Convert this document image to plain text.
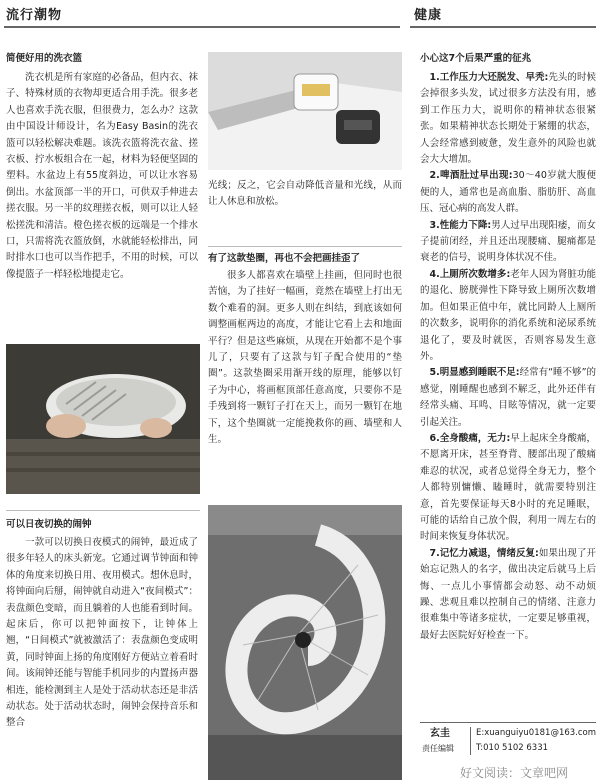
流行潮物	健康
简便好用的洗衣篮

洗衣机是所有家庭的必备品，但内衣、袜子、特殊材质的衣物却更适合用手洗。很多老人也喜欢手洗衣服，但很费力，怎么办？这款由中国设计师设计，名为Easy Basin的洗衣篮可以轻松解决难题。该洗衣篮将洗衣盆、搓衣板、拧水板组合在一起，材料为轻便坚固的塑料。水盆边上有55度斜边，可以让水容易倒出。水盆顶部一半的开口，可供双手伸进去搓衣服。另一半的纹理搓衣板，则可以让人轻松搓洗和清洁。橙色搓衣板的远端是一个排水口，只需将洗衣篮放倒，水就能轻松排出，同时排水口也可以当作把手，不用的时候，可以像提篮子一样轻松地提走它。

可以日夜切换的闹钟

一款可以切换日夜模式的闹钟，最近成了很多年轻人的床头新宠。它通过调节钟面和钟体的角度来切换日用、夜用模式。想休息时，将钟面向后掰，闹钟就自动进入“夜间模式”：表盘颜色变暗，而且躺着的人也能看到时间。起床后，你可以把钟面按下，让钟体上翘，“日间模式”就被激活了：表盘颜色变成明黄，同时钟面上扬的角度刚好方便站立着看时间。该闹钟还能与智能手机同步的内置扬声器相连，能检测到主人是处于活动状态还是非活动状态。处于活动状态时，闹钟会保持音乐和整合

光线；反之，它会自动降低音量和光线，从而让人休息和放松。

有了这款垫圈，再也不会把画挂歪了

很多人都喜欢在墙壁上挂画，但同时也很苦恼，为了挂好一幅画，竟然在墙壁上打出无数个难看的洞。更多人则在纠结，到底该如何调整画框两边的高度，才能让它看上去和地面平行？但是这些麻烦，从现在开始都不是个事儿了，只要有了这款与钉子配合使用的“垫圈”。这款垫圈采用渐开线的原理，能够以钉子为中心，将画框顶部任意高度，只要你不是手残到将一颗钉子打在天上，而另一颗钉在地下，这个垫圈就一定能挽救你的画、墙壁和人生。

小心这7个后果严重的征兆

1.工作压力大还脱发、早秃:先头的时候会掉很多头发，试过很多方法没有用，感到工作压力大，说明你的精神状态很紧张。如果精神状态长期处于紧绷的状态，人会经常感到疲惫，发生意外的风险也就会大大增加。

2.啤酒肚过早出现:30～40岁就大腹便便的人，通常也是高血脂、脂肪肝、高血压、冠心病的高发人群。

3.性能力下降:男人过早出现阳痿，而女子提前闭经，并且还出现腰痛、腿痛都是衰老的信号，说明身体状况不佳。

4.上厕所次数增多:老年人因为肾脏功能的退化、膀胱弹性下降导致上厕所次数增加。但如果正值中年，就比同龄人上厕所的次数多，说明你的消化系统和泌尿系统退化了，要及时就医，否则容易发生意外。

5.明显感到睡眠不足:经常有“睡不够”的感觉，刚睡醒也感到不解乏，此外还伴有经常头痛、耳鸣、目眩等情况，就一定要引起关注。

6.全身酸痛，无力:早上起床全身酸痛，不愿离开床，甚至脊背、腰部出现了酸痛难忍的状况，或者总觉得全身无力，整个人都特别慵懒、瞌睡时，就需要特别注意，首先要保证每天8小时的充足睡眠，可能的话给自己放个假，利用一周左右的时间来恢复身体状况。

7.记忆力减退，情绪反复:如果出现了开始忘记熟人的名字，做出决定后就马上后悔、一点儿小事情都会动怒、动不动烦躁、悲观且难以控制自己的情绪、注意力很难集中等诸多症状，一定要足够重视，最好去医院好好检查一下。

玄圭
责任编辑
E:xuanguiyu0181@163.com
T:010 5102 6331
好文阅读：文章吧网
